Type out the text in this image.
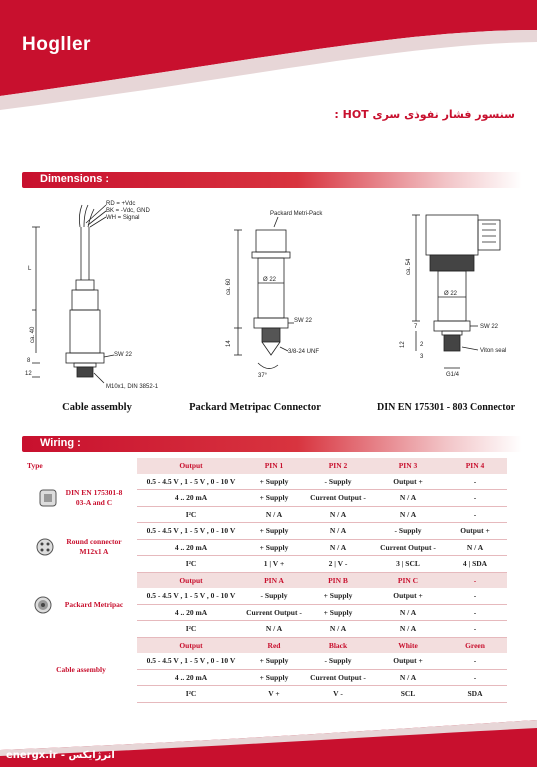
Hogller
سنسور فشار نفوذی سری HOT :
Dimensions :
RD = +Vdc
BK = -Vdc, GND
WH = Signal
L
ca. 40
SW 22
8
12
M10x1, DIN 3852-1
Cable assembly
Packard Metri-Pack
ca. 60	Ø 22
SW 22
14
3/8-24 UNF
37°
Packard Metripac Connector
ca. 54
Ø 22
SW 22
7
12 2
3
Viton seal
G1/4
DIN EN 175301 - 803 Connector
Wiring :
Type	Output	PIN 1	PIN 2	PIN 3	PIN 4

DIN EN 175301-8 03-A and C	0.5 - 4.5 V , 1 - 5 V , 0 - 10 V	+ Supply	- Supply	Output +	-
	4 .. 20 mA	+ Supply	Current Output -	N / A	-
	I²C	N / A	N / A	N / A	-

Round connector M12x1 A	0.5 - 4.5 V , 1 - 5 V , 0 - 10 V	+ Supply	N / A	- Supply	Output +
	4 .. 20 mA	+ Supply	N / A	Current Output -	N / A
	I²C	1 | V +	2 | V -	3 | SCL	4 | SDA

Packard Metripac	Output	PIN A	PIN B	PIN C	-
	0.5 - 4.5 V , 1 - 5 V , 0 - 10 V	- Supply	+ Supply	Output +	-
	4 .. 20 mA	Current Output -	+ Supply	N / A	-
	I²C	N / A	N / A	N / A	-
Cable assembly	Output	Red	Black	White	Green
	0.5 - 4.5 V , 1 - 5 V , 0 - 10 V	+ Supply	- Supply	Output +	-
	4 .. 20 mA	+ Supply	Current Output -	N / A	-
	I²C	V +	V -	SCL	SDA
energx.ir - انرژایکس
